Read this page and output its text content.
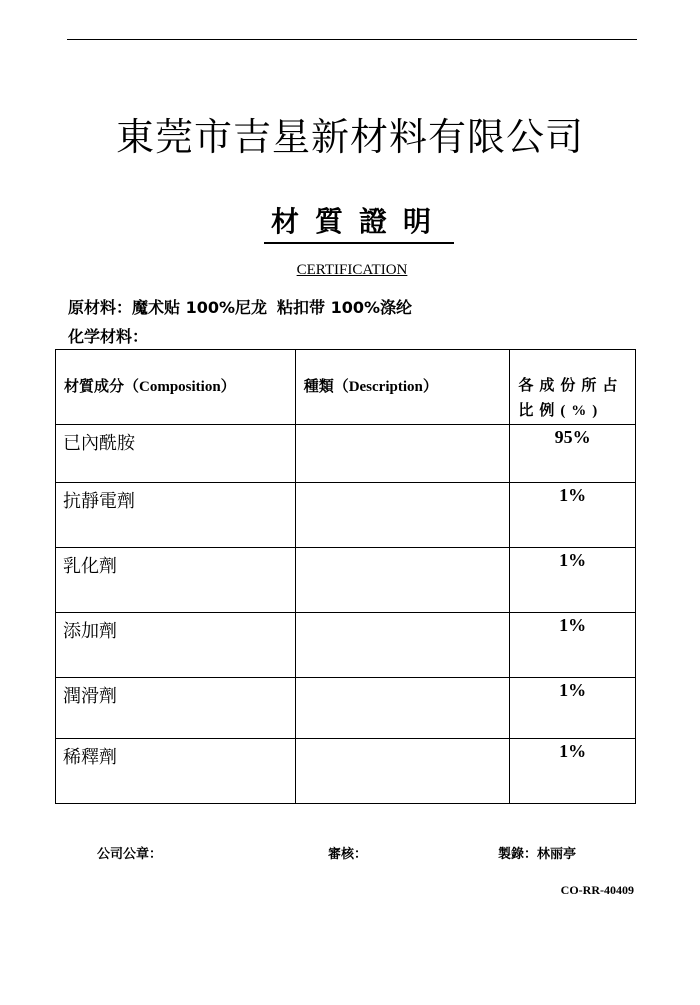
東莞市吉星新材料有限公司
材質證明
CERTIFICATION
原材料：魔术贴 100%尼龙 粘扣带 100%涤纶
化学材料：
材質成分（Composition）	種類（Description）	各成份所占比例(%)
已內酰胺		95%
抗靜電劑		1%
乳化劑		1%
添加劑		1%
潤滑劑		1%
稀釋劑		1%
公司公章：	審核：	製錄：林丽亭
CO-RR-40409
